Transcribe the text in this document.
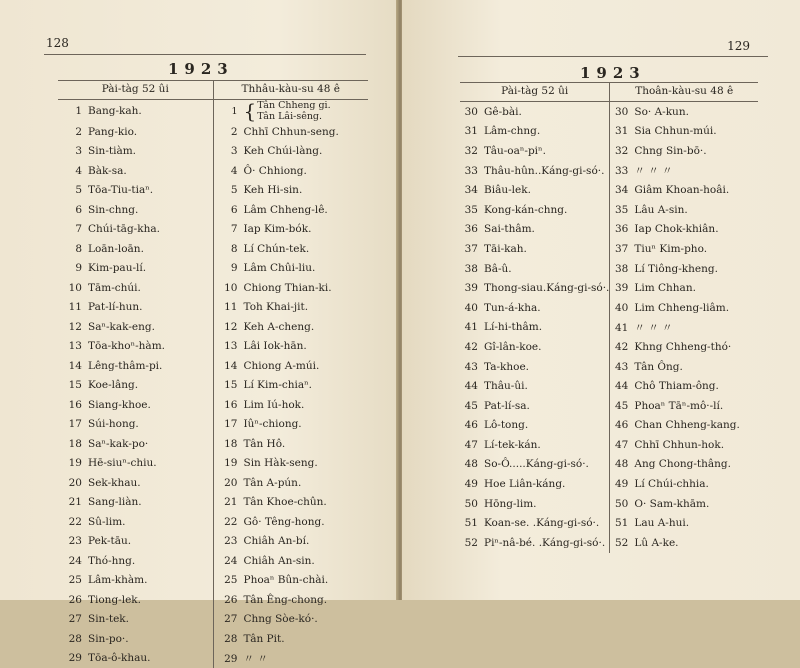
128
1923
Pài-tàg 52 ûi	Thhâu-kàu-su 48 ê
1 Bang-kah.	1 { Tân Chheng gi.
Tân Lâi-sêng.

2 Pang-kio.	2 Chhī Chhun-seng.
3 Sin-tiàm.	3 Keh Chúi-làng.
4 Bàk-sa.	4 Ô· Chhiong.
5 Tōa-Tiu-tiaⁿ.	5 Keh Hi-sin.
6 Sin-chng.	6 Lâm Chheng-lê.
7 Chúi-tāg-kha.	7 Iap Kim-bók.
8 Loān-loān.	8 Lí Chún-tek.
9 Kim-pau-lí.	9 Lâm Chûi-liu.
10 Tām-chúi.	10 Chiong Thian-ki.
11 Pat-lí-hun.	11 Toh Khai-jit.
12 Saⁿ-kak-eng.	12 Keh A-cheng.
13 Tōa-khoⁿ-hàm.	13 Lâi Iok-hān.
14 Lêng-thâm-pi.	14 Chiong A-múi.
15 Koe-lâng.	15 Lí Kim-chiaⁿ.
16 Siang-khoe.	16 Lim Iú-hok.
17 Súi-hong.	17 Iûⁿ-chiong.
18 Saⁿ-kak-po·	18 Tân Hô.
19 Hē-siuⁿ-chiu.	19 Sin Hàk-seng.
20 Sek-khau.	20 Tân A-pún.
21 Sang-liàn.	21 Tân Khoe-chûn.
22 Sû-lim.	22 Gô· Têng-hong.
23 Pek-tāu.	23 Chiâh An-bí.
24 Thó-hng.	24 Chiâh An-sin.
25 Lâm-khàm.	25 Phoaⁿ Bûn-chài.
26 Tiong-lek.	26 Tân Êng-chong.
27 Sin-tek.	27 Chng Sòe-kó·.
28 Sin-po·.	28 Tân Pit.
29 Tōa-ô-khau.	29 〃 〃
129
1923
Pài-tàg 52 ûi	Thoân-kàu-su 48 ê
30 Gê-bài.	30 So· A-kun.
31 Lâm-chng.	31 Sia Chhun-múi.
32 Tâu-oaⁿ-piⁿ.	32 Chng Sin-bō·.
33 Thâu-hûn..Káng-gi-só·.	33 〃 〃 〃
34 Biâu-lek.	34 Giâm Khoan-hoâi.
35 Kong-kán-chng.	35 Lâu A-sin.
36 Sai-thâm.	36 Iap Chok-khiân.
37 Tāi-kah.	37 Tiuⁿ Kim-pho.
38 Bâ-û.	38 Lí Tiông-kheng.
39 Thong-siau.Káng-gi-só·.	39 Lim Chhan.
40 Tun-á-kha.	40 Lim Chheng-liâm.
41 Lí-hi-thâm.	41 〃 〃 〃
42 Gî-lân-koe.	42 Khng Chheng-thó·
43 Ta-khoe.	43 Tân Ông.
44 Thâu-ûi.	44 Chô Thiam-ông.
45 Pat-lí-sa.	45 Phoaⁿ Tāⁿ-mô·-lí.
46 Lô-tong.	46 Chan Chheng-kang.
47 Lí-tek-kán.	47 Chhī Chhun-hok.
48 So-Ô.....Káng-gi-só·.	48 Ang Chong-thâng.
49 Hoe Liân-káng.	49 Lí Chúi-chhia.
50 Hōng-lim.	50 O· Sam-khām.
51 Koan-se. .Káng-gi-só·.	51 Lau A-hui.
52 Piⁿ-nâ-bé. .Káng-gi-só·.	52 Lû A-ke.
